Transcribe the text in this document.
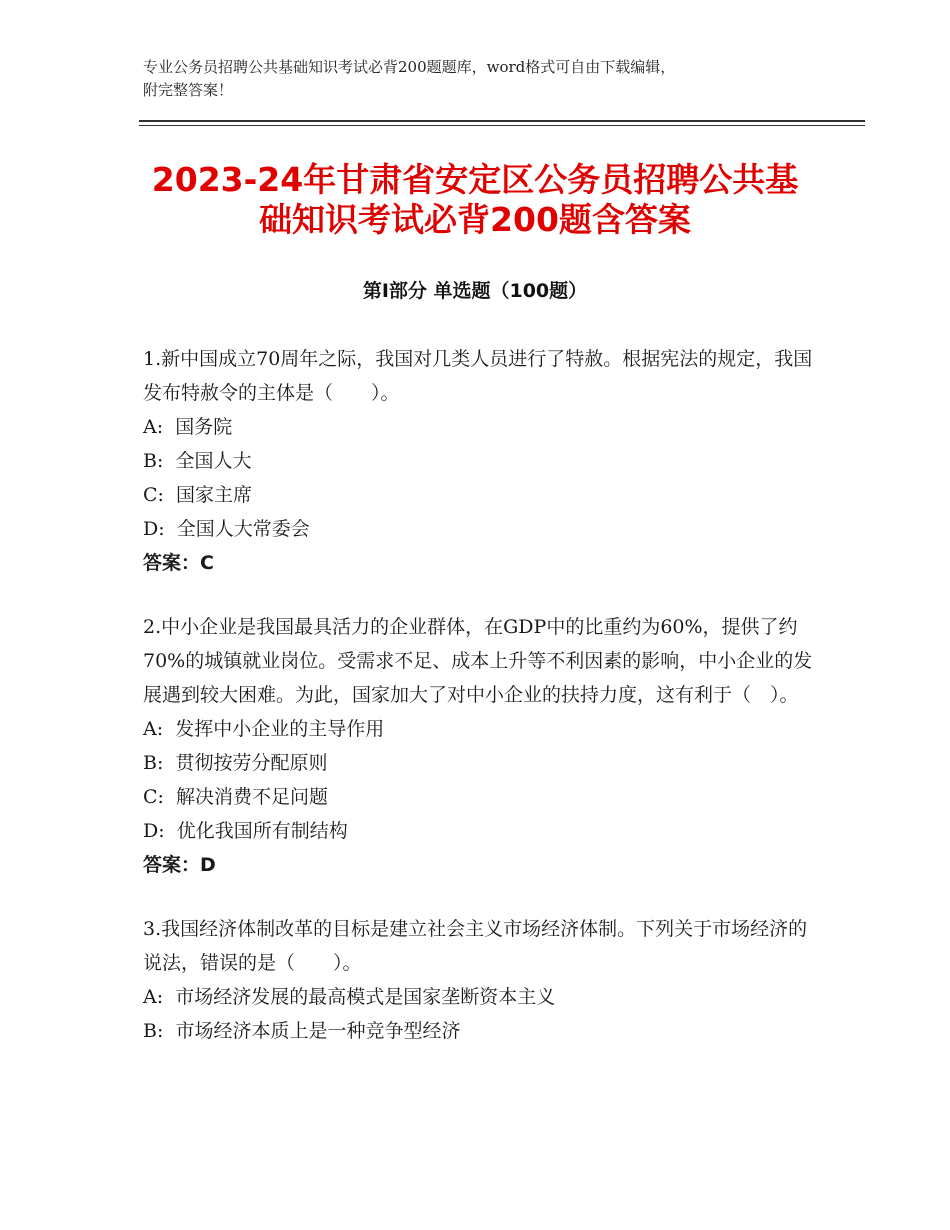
专业公务员招聘公共基础知识考试必背200题题库，word格式可自由下载编辑，
附完整答案！
2023-24年甘肃省安定区公务员招聘公共基
础知识考试必背200题含答案
第Ⅰ部分 单选题（100题）
1.新中国成立70周年之际，我国对几类人员进行了特赦。根据宪法的规定，我国发布特赦令的主体是（　　）。
A:  国务院
B:  全国人大
C:  国家主席
D:  全国人大常委会
答案：C
2.中小企业是我国最具活力的企业群体，在GDP中的比重约为60%，提供了约70%的城镇就业岗位。受需求不足、成本上升等不利因素的影响，中小企业的发展遇到较大困难。为此，国家加大了对中小企业的扶持力度，这有利于（　）。
A:  发挥中小企业的主导作用
B:  贯彻按劳分配原则
C:  解决消费不足问题
D:  优化我国所有制结构
答案：D
3.我国经济体制改革的目标是建立社会主义市场经济体制。下列关于市场经济的说法，错误的是（　　）。
A:  市场经济发展的最高模式是国家垄断资本主义
B:  市场经济本质上是一种竞争型经济
